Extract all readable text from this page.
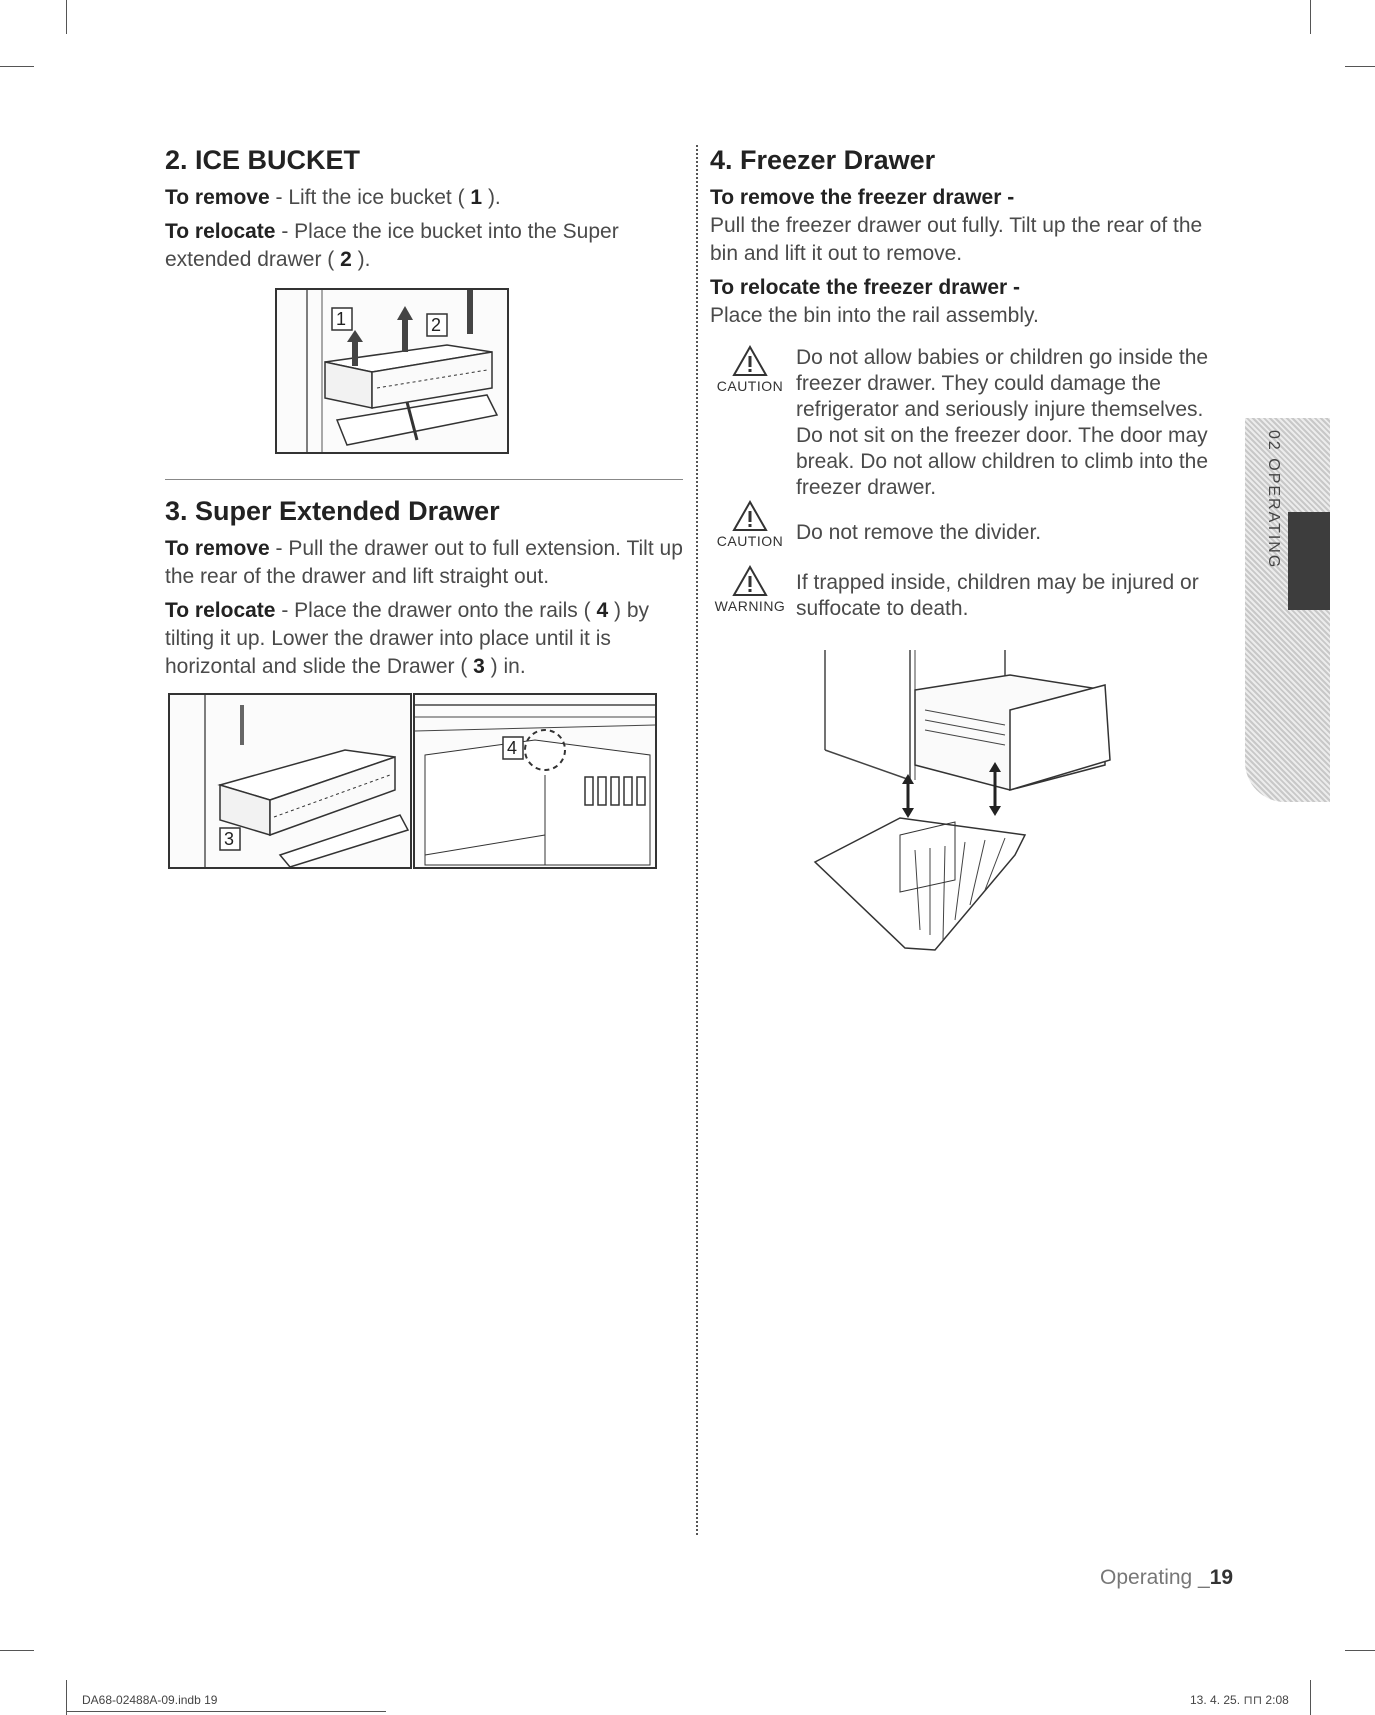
2. ICE BUCKET

To remove - Lift the ice bucket ( 1 ).

To relocate - Place the ice bucket into the Super extended drawer ( 2 ).

1	2
3. Super Extended Drawer

To remove - Pull the drawer out to full extension. Tilt up the rear of the drawer and lift straight out.

To relocate - Place the drawer onto the rails ( 4 ) by tilting it up. Lower the drawer into place until it is horizontal and slide the Drawer ( 3 ) in.

3
4
4. Freezer Drawer
To remove the freezer drawer -

Pull the freezer drawer out fully. Tilt up the rear of the bin and lift it out to remove.

To relocate the freezer drawer -

Place the bin into the rail assembly.

CAUTION
Do not allow babies or children go inside the freezer drawer. They could damage the refrigerator and seriously injure themselves. Do not sit on the freezer door. The door may break. Do not allow children to climb into the freezer drawer.
CAUTION Do not remove the divider.
WARNING
If trapped inside, children may be injured or suffocate to death.
02 OPERATING
Operating _19
DA68-02488A-09.indb 19	13. 4. 25. ⊓⊓ 2:08
